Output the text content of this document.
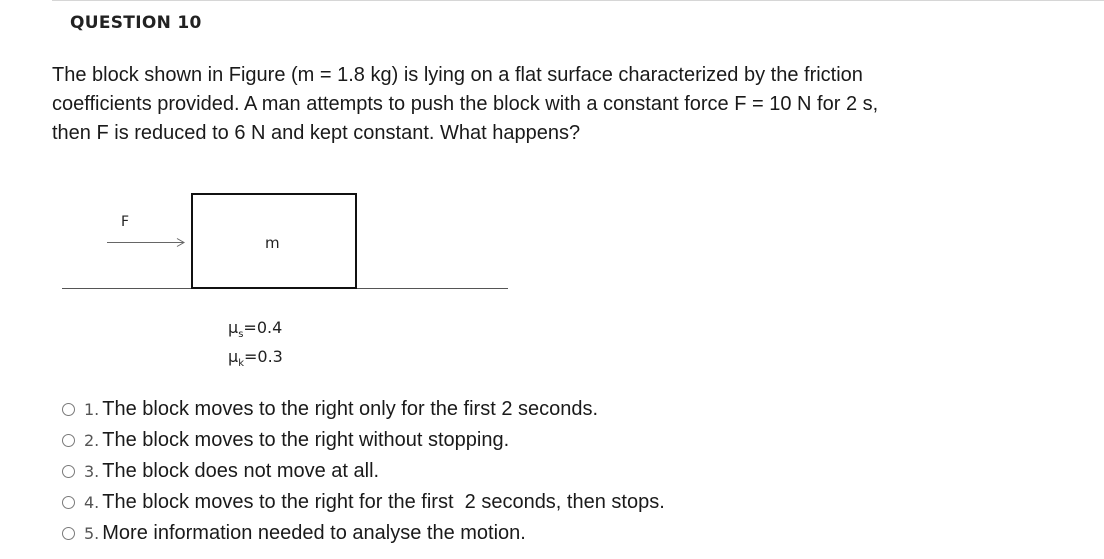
QUESTION 10
The block shown in Figure (m = 1.8 kg) is lying on a flat surface characterized by the friction
coefficients provided. A man attempts to push the block with a constant force F = 10 N for 2 s,
then F is reduced to 6 N and kept constant. What happens?
F
m
$\mu_s=0.4$
$\mu_k=0.3$
1. The block moves to the right only for the first 2 seconds.
2. The block moves to the right without stopping.
3. The block does not move at all.
4. The block moves to the right for the first  2 seconds, then stops.
5. More information needed to analyse the motion.
